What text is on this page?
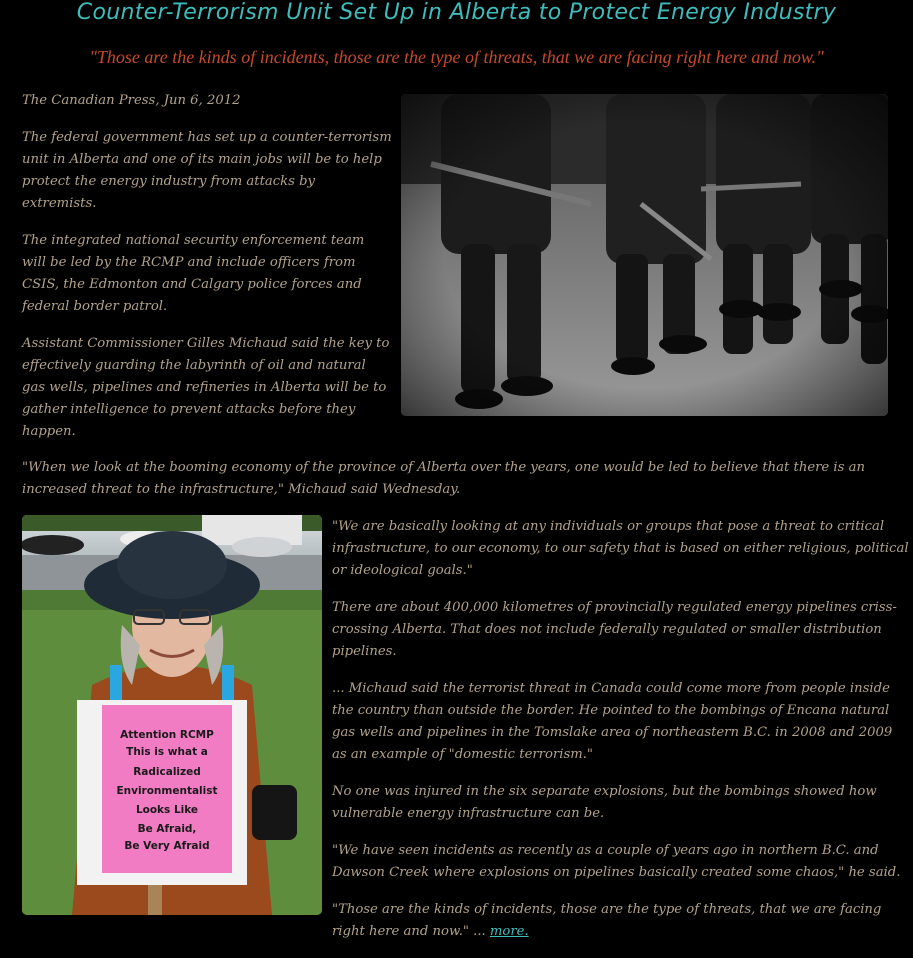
Counter-Terrorism Unit Set Up in Alberta to Protect Energy Industry

"Those are the kinds of incidents, those are the type of threats, that we are facing right here and now."

The Canadian Press, Jun 6, 2012

The federal government has set up a counter-terrorism unit in Alberta and one of its main jobs will be to help protect the energy industry from attacks by extremists.

The integrated national security enforcement team will be led by the RCMP and include officers from CSIS, the Edmonton and Calgary police forces and federal border patrol.

Assistant Commissioner Gilles Michaud said the key to effectively guarding the labyrinth of oil and natural gas wells, pipelines and refineries in Alberta will be to gather intelligence to prevent attacks before they happen.

"When we look at the booming economy of the province of Alberta over the years, one would be led to believe that there is an increased threat to the infrastructure," Michaud said Wednesday.

Attention RCMP
This is what a
Radicalized
Environmentalist
Looks Like
Be Afraid,
Be Very Afraid

"We are basically looking at any individuals or groups that pose a threat to critical infrastructure, to our economy, to our safety that is based on either religious, political or ideological goals."

There are about 400,000 kilometres of provincially regulated energy pipelines criss-crossing Alberta. That does not include federally regulated or smaller distribution pipelines.

... Michaud said the terrorist threat in Canada could come more from people inside the country than outside the border. He pointed to the bombings of Encana natural gas wells and pipelines in the Tomslake area of northeastern B.C. in 2008 and 2009 as an example of "domestic terrorism."

No one was injured in the six separate explosions, but the bombings showed how vulnerable energy infrastructure can be.

"We have seen incidents as recently as a couple of years ago in northern B.C. and Dawson Creek where explosions on pipelines basically created some chaos," he said.

"Those are the kinds of incidents, those are the type of threats, that we are facing right here and now." ... more.
